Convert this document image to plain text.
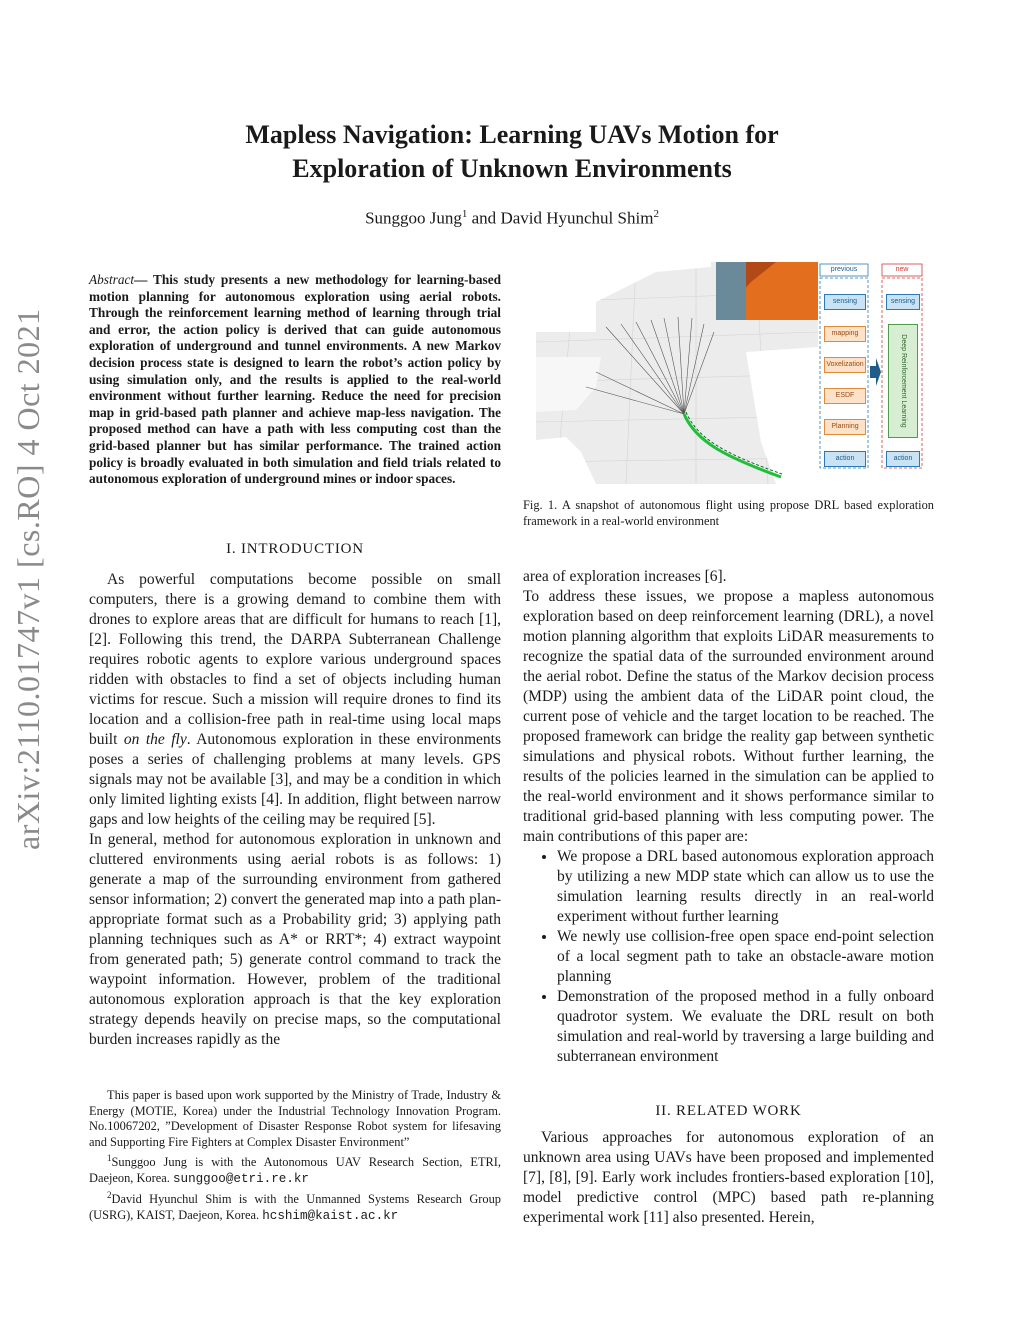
arXiv:2110.01747v1 [cs.RO] 4 Oct 2021
Mapless Navigation: Learning UAVs Motion for
Exploration of Unknown Environments
Sunggoo Jung$^1$ and David Hyunchul Shim$^2$
Abstract— This study presents a new methodology for learning-based motion planning for autonomous exploration using aerial robots. Through the reinforcement learning method of learning through trial and error, the action policy is derived that can guide autonomous exploration of underground and tunnel environments. A new Markov decision process state is designed to learn the robot’s action policy by using simulation only, and the results is applied to the real-world environment without further learning. Reduce the need for precision map in grid-based path planner and achieve map-less navigation. The proposed method can have a path with less computing cost than the grid-based planner but has similar performance. The trained action policy is broadly evaluated in both simulation and field trials related to autonomous exploration of underground mines or indoor spaces.
I. INTRODUCTION

As powerful computations become possible on small computers, there is a growing demand to combine them with drones to explore areas that are difficult for humans to reach [1], [2]. Following this trend, the DARPA Subterranean Challenge requires robotic agents to explore various underground spaces ridden with obstacles to find a set of objects including human victims for rescue. Such a mission will require drones to find its location and a collision-free path in real-time using local maps built on the fly. Autonomous exploration in these environments poses a series of challenging problems at many levels. GPS signals may not be available [3], and may be a condition in which only limited lighting exists [4]. In addition, flight between narrow gaps and low heights of the ceiling may be required [5].

In general, method for autonomous exploration in unknown and cluttered environments using aerial robots is as follows: 1) generate a map of the surrounding environment from gathered sensor information; 2) convert the generated map into a path plan-appropriate format such as a Probability grid; 3) applying path planning techniques such as A* or RRT*; 4) extract waypoint from generated path; 5) generate control command to track the waypoint information. However, problem of the traditional autonomous exploration approach is that the key exploration strategy depends heavily on precise maps, so the computational burden increases rapidly as the

This paper is based upon work supported by the Ministry of Trade, Industry & Energy (MOTIE, Korea) under the Industrial Technology Innovation Program. No.10067202, ”Development of Disaster Response Robot system for lifesaving and Supporting Fire Fighters at Complex Disaster Environment”

$^1$Sunggoo Jung is with the Autonomous UAV Research Section, ETRI, Daejeon, Korea. sunggoo@etri.re.kr

$^2$David Hyunchul Shim is with the Unmanned Systems Research Group (USRG), KAIST, Daejeon, Korea. hcshim@kaist.ac.kr

previous	new
sensing
mapping
Voxelization
ESDF
Planning
action
sensing
Deep Reinforcement Learning
action
Fig. 1. A snapshot of autonomous flight using propose DRL based exploration framework in a real-world environment

area of exploration increases [6].

To address these issues, we propose a mapless autonomous exploration based on deep reinforcement learning (DRL), a novel motion planning algorithm that exploits LiDAR measurements to recognize the spatial data of the surrounded environment around the aerial robot. Define the status of the Markov decision process (MDP) using the ambient data of the LiDAR point cloud, the current pose of vehicle and the target location to be reached. The proposed framework can bridge the reality gap between synthetic simulations and physical robots. Without further learning, the results of the policies learned in the simulation can be applied to the real-world environment and it shows performance similar to traditional grid-based planning with less computing power. The main contributions of this paper are:

• We propose a DRL based autonomous exploration approach by utilizing a new MDP state which can allow us to use the simulation learning results directly in an real-world experiment without further learning
• We newly use collision-free open space end-point selection of a local segment path to take an obstacle-aware motion planning
• Demonstration of the proposed method in a fully onboard quadrotor system. We evaluate the DRL result on both simulation and real-world by traversing a large building and subterranean environment
II. RELATED WORK

Various approaches for autonomous exploration of an unknown area using UAVs have been proposed and implemented [7], [8], [9]. Early work includes frontiers-based exploration [10], model predictive control (MPC) based path re-planning experimental work [11] also presented. Herein,
